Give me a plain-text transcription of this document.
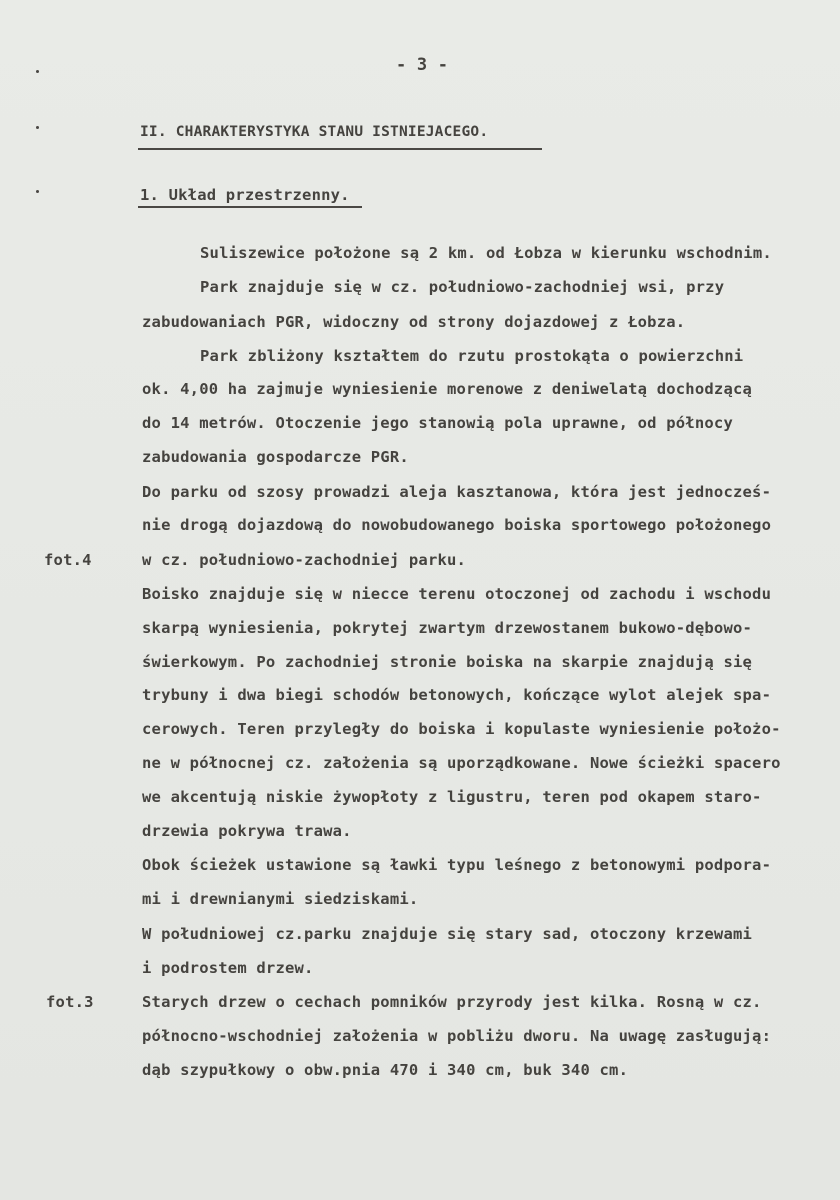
- 3 -
II. CHARAKTERYSTYKA STANU ISTNIEJACEGO.
1. Układ przestrzenny.
fot.4
fot.3
Suliszewice położone są 2 km. od Łobza w kierunku wschodnim.
Park znajduje się w cz. południowo-zachodniej wsi, przy
zabudowaniach PGR, widoczny od strony dojazdowej z Łobza.
Park zbliżony kształtem do rzutu prostokąta o powierzchni
ok. 4,00 ha zajmuje wyniesienie morenowe z deniwelatą dochodzącą
do 14 metrów. Otoczenie jego stanowią pola uprawne, od północy
zabudowania gospodarcze PGR.
Do parku od szosy prowadzi aleja kasztanowa, która jest jednocześ-
nie drogą dojazdową do nowobudowanego boiska sportowego położonego
w cz. południowo-zachodniej parku.
Boisko znajduje się w niecce terenu otoczonej od zachodu i wschodu
skarpą wyniesienia, pokrytej zwartym drzewostanem bukowo-dębowo-
świerkowym. Po zachodniej stronie boiska na skarpie znajdują się
trybuny i dwa biegi schodów betonowych, kończące wylot alejek spa-
cerowych. Teren przyległy do boiska i kopulaste wyniesienie położo-
ne w północnej cz. założenia są uporządkowane. Nowe ścieżki spacero
we akcentują niskie żywopłoty z ligustru, teren pod okapem staro-
drzewia pokrywa trawa.
Obok ścieżek ustawione są ławki typu leśnego z betonowymi podpora-
mi i drewnianymi siedziskami.
W południowej cz.parku znajduje się stary sad, otoczony krzewami
i podrostem drzew.
Starych drzew o cechach pomników przyrody jest kilka. Rosną w cz.
północno-wschodniej założenia w pobliżu dworu. Na uwagę zasługują:
dąb szypułkowy o obw.pnia 470 i 340 cm, buk 340 cm.
